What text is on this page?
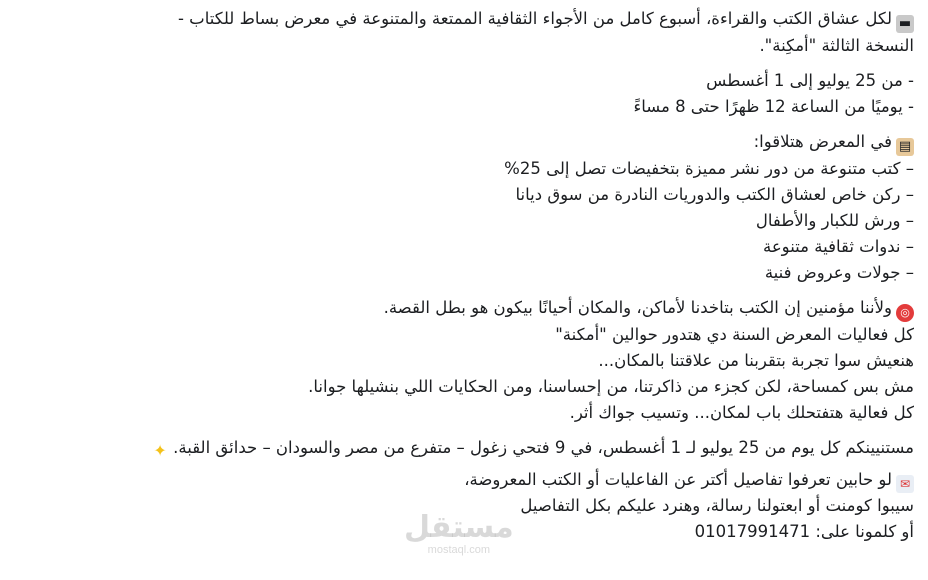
▬لكل عشاق الكتب والقراءة، أسبوع كامل من الأجواء الثقافية الممتعة والمتنوعة في معرض بساط للكتاب -
النسخة الثالثة "أمكِنة".
- من 25 يوليو إلى 1 أغسطس
- يوميًا من الساعة 12 ظهرًا حتى 8 مساءً
▤في المعرض هتلاقوا:
– كتب متنوعة من دور نشر مميزة بتخفيضات تصل إلى 25%
– ركن خاص لعشاق الكتب والدوريات النادرة من سوق ديانا
– ورش للكبار والأطفال
– ندوات ثقافية متنوعة
– جولات وعروض فنية
◎ولأننا مؤمنين إن الكتب بتاخدنا لأماكن، والمكان أحيانًا بيكون هو بطل القصة.
كل فعاليات المعرض السنة دي هتدور حوالين "أمكنة"
هنعيش سوا تجربة بتقربنا من علاقتنا بالمكان...
مش بس كمساحة، لكن كجزء من ذاكرتنا، من إحساسنا، ومن الحكايات اللي بنشيلها جوانا.
كل فعالية هتفتحلك باب لمكان... وتسيب جواك أثر.
مستنيينكم كل يوم من 25 يوليو لـ 1 أغسطس، في 9 فتحي زغول – متفرع من مصر والسودان – حدائق القبة.✦
✉لو حابين تعرفوا تفاصيل أكتر عن الفاعليات أو الكتب المعروضة،
سيبوا كومنت أو ابعتولنا رسالة، وهنرد عليكم بكل التفاصيل
أو كلمونا على: 01017991471
مستقل
mostaql.com
